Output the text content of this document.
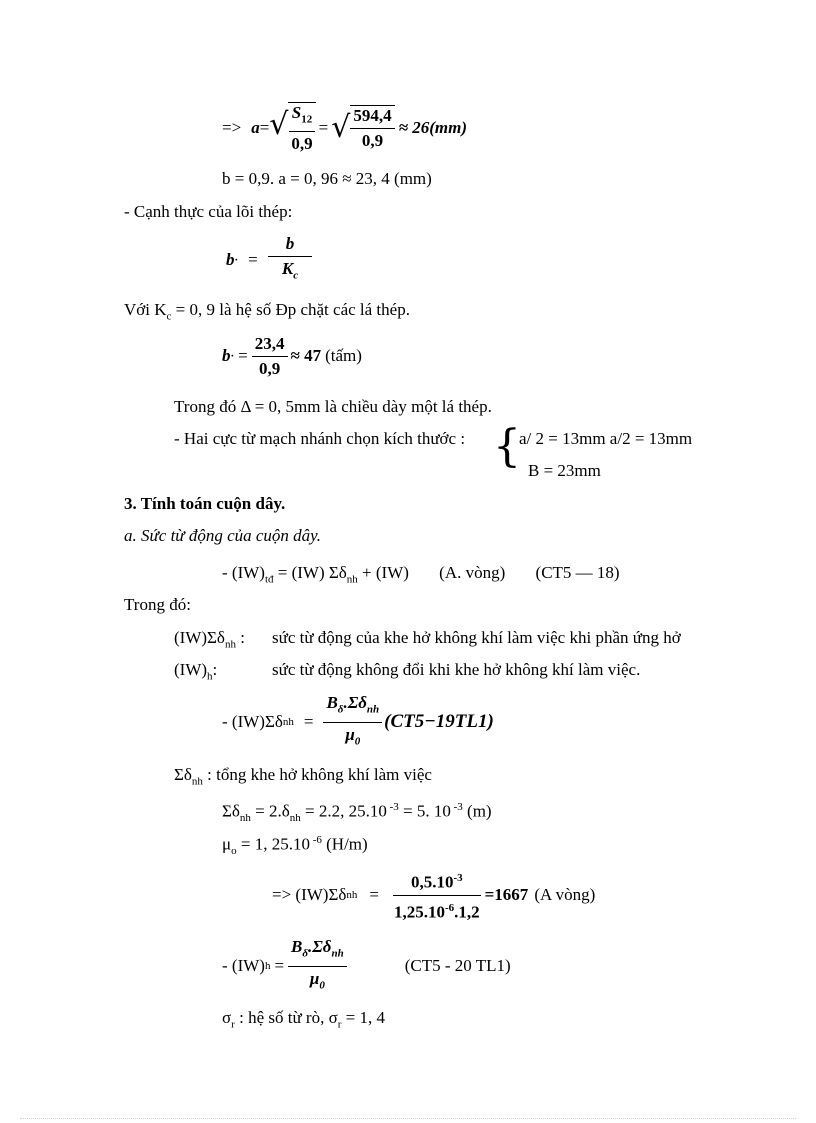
=> a = √ $\frac{S_{12}}{0,9}$ = √ $\frac{594,4}{0,9} \approx 26(mm)$
b = 0,9. a = 0, 96 ≈ 23, 4 (mm)
- Cạnh thực của lõi thép:
b · = $\frac{b}{K_c}$
Với $K_c = 0$, 9 là hệ số Đp chặt các lá thép.
b · = $\frac{23,4}{0,9} \approx 47$ (tấm)
Trong đó Δ = 0, 5mm là chiều dày một lá thép.
- Hai cực từ mạch nhánh chọn kích thước : {
a/ 2 = 13mm a/2 = 13mm
B = 23mm
3. Tính toán cuộn dây.
a. Sức từ động của cuộn dây.
- $(IW)_{tđ} = (IW) \Sigma\delta_{nh} + (IW)$ (A. vòng) (CT5 — 18)
Trong đó:
$(IW)\Sigma\delta_{nh}$ : sức từ động của khe hở không khí làm việc khi phần ứng hở
$(IW)_h$:	sức từ động không đổi khi khe hở không khí làm việc.
- (IW)Σδ nh = $\frac{B_\delta.\Sigma\delta_{nh}}{\mu_0} (CT5-19TL1)$
$\Sigma\delta_{nh}$ : tổng khe hở không khí làm việc
$\Sigma\delta_{nh} = 2.\delta_{nh} = 2.2$, 25.10 $^{-3}$ = 5. 10 $^{-3}$ (m)
$\mu_o = 1$, 25.10 $^{-6}$ (H/m)
=> (IW)Σδ nh = $\frac{0,5.10^{-3}}{1,25.10^{-6}.1,2} =1667$ (A vòng)
- (IW) $h = \frac{B_\delta.\Sigma\delta_{nh}}{\mu_0}$	(CT5 - 20 TL1)
$\sigma_r$ : hệ số từ rò, $\sigma_r = 1$, 4
